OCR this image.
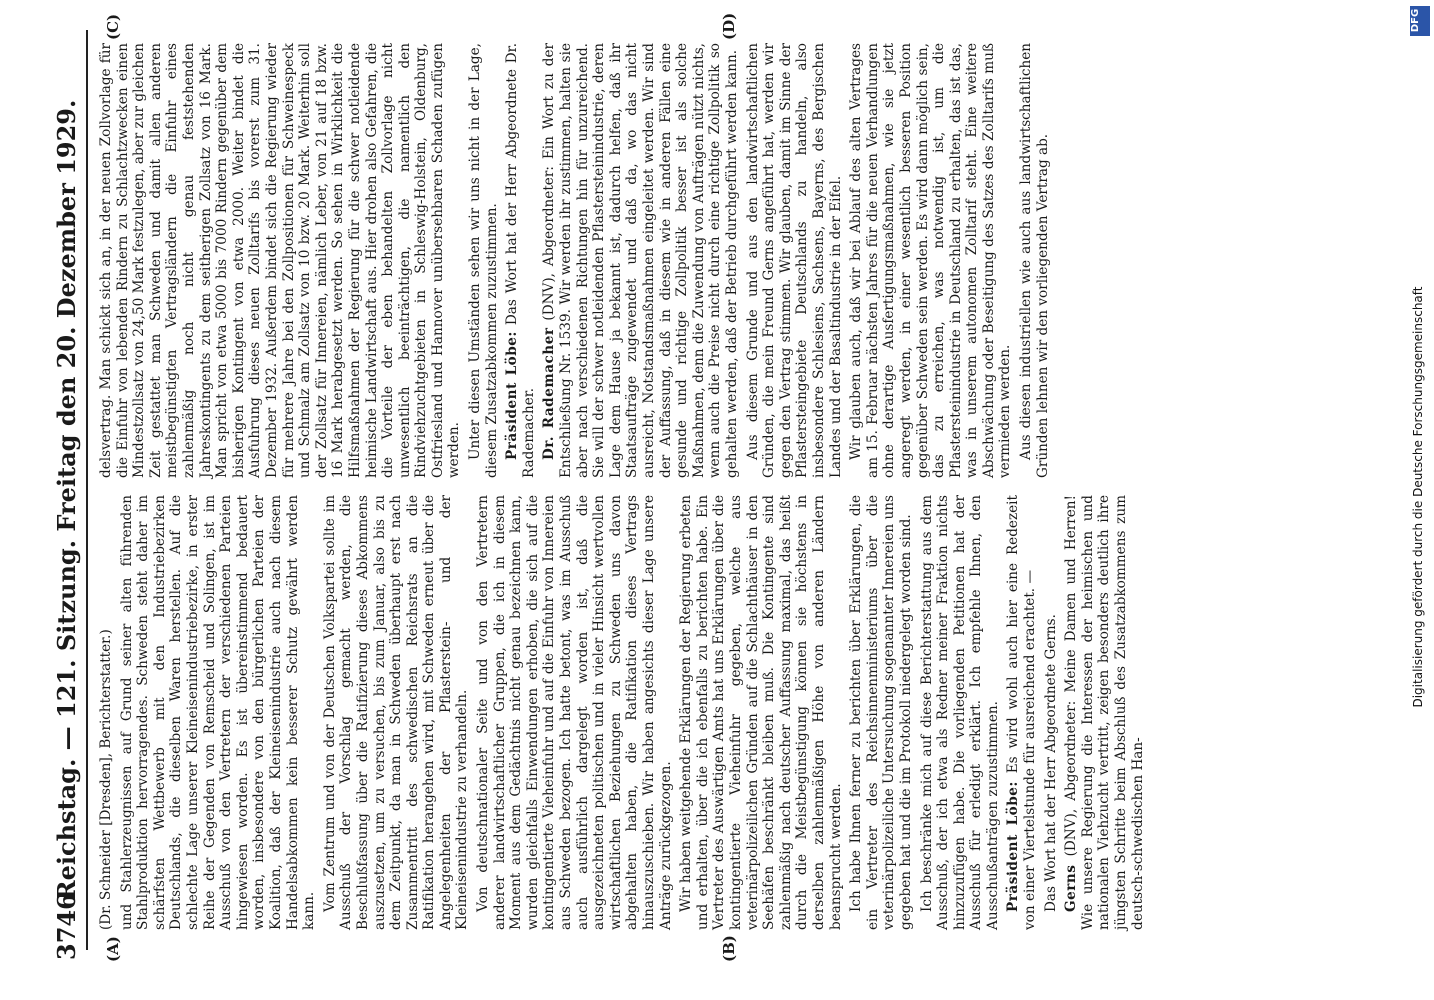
3746
Reichstag. — 121. Sitzung. Freitag den 20. Dezember 1929.
(A)	(B)
(C)	(D)

(Dr. Schneider [Dresden], Berichterstatter.) und Stahlerzeugnissen auf Grund seiner alten führenden Stahlproduktion hervorragendes. Schweden steht daher im schärfsten Wettbewerb mit den Industriebezirken Deutschlands, die dieselben Waren herstellen. Auf die schlechte Lage unserer Kleineisenindustriebezirke, in erster Reihe der Gegenden von Remscheid und Solingen, ist im Ausschuß von den Vertretern der verschiedenen Parteien hingewiesen worden. Es ist übereinstimmend bedauert worden, insbesondere von den bürgerlichen Parteien der Koalition, daß der Kleineisenindustrie auch nach diesem Handelsabkommen kein besserer Schutz gewährt werden kann. Vom Zentrum und von der Deutschen Volkspartei sollte im Ausschuß der Vorschlag gemacht werden, die Beschlußfassung über die Ratifizierung dieses Abkommens auszusetzen, um zu versuchen, bis zum Januar, also bis zu dem Zeitpunkt, da man in Schweden überhaupt erst nach Zusammentritt des schwedischen Reichsrats an die Ratifikation herangehen wird, mit Schweden erneut über die Angelegenheiten der Pflasterstein- und der Kleineisenindustrie zu verhandeln. Von deutschnationaler Seite und von den Vertretern anderer landwirtschaftlicher Gruppen, die ich in diesem Moment aus dem Gedächtnis nicht genau bezeichnen kann, wurden gleichfalls Einwendungen erhoben, die sich auf die kontingentierte Vieheinfuhr und auf die Einfuhr von Innereien aus Schweden bezogen. Ich hatte betont, was im Ausschuß auch ausführlich dargelegt worden ist, daß die ausgezeichneten politischen und in vieler Hinsicht wertvollen wirtschaftlichen Beziehungen zu Schweden uns davon abgehalten haben, die Ratifikation dieses Vertrags hinauszuschieben. Wir haben angesichts dieser Lage unsere Anträge zurückgezogen. Wir haben weitgehende Erklärungen der Regierung erbeten und erhalten, über die ich ebenfalls zu berichten habe. Ein Vertreter des Auswärtigen Amts hat uns Erklärungen über die kontingentierte Vieheinfuhr gegeben, welche aus veterinärpolizeilichen Gründen auf die Schlachthäuser in den Seehäfen beschränkt bleiben muß. Die Kontingente sind zahlenmäßig nach deutscher Auffassung maximal, das heißt durch die Meistbegünstigung können sie höchstens in derselben zahlenmäßigen Höhe von anderen Ländern beansprucht werden. Ich habe Ihnen ferner zu berichten über Erklärungen, die ein Vertreter des Reichsinnenministeriums über die veterinärpolizeiliche Untersuchung sogenannter Innereien uns gegeben hat und die im Protokoll niedergelegt worden sind. Ich beschränke mich auf diese Berichterstattung aus dem Ausschuß, der ich etwa als Redner meiner Fraktion nichts hinzuzufügen habe. Die vorliegenden Petitionen hat der Ausschuß für erledigt erklärt. Ich empfehle Ihnen, den Ausschußanträgen zuzustimmen. Präsident Löbe: Es wird wohl auch hier eine Redezeit von einer Viertelstunde für ausreichend erachtet. — Das Wort hat der Herr Abgeordnete Gerns. Gerns (DNV), Abgeordneter: Meine Damen und Herren! Wie unsere Regierung die Interessen der heimischen und nationalen Viehzucht vertritt, zeigen besonders deutlich ihre jüngsten Schritte beim Abschluß des Zusatzabkommens zum deutsch-schwedischen Han-

delsvertrag. Man schickt sich an, in der neuen Zollvorlage für die Einfuhr von lebenden Rindern zu Schlachtzwecken einen Mindestzollsatz von 24,50 Mark festzulegen, aber zur gleichen Zeit gestattet man Schweden und damit allen anderen meistbegünstigten Vertragsländern die Einfuhr eines zahlenmäßig noch nicht genau feststehenden Jahreskontingents zu dem seitherigen Zollsatz von 16 Mark. Man spricht von etwa 5000 bis 7000 Rindern gegenüber dem bisherigen Kontingent von etwa 2000. Weiter bindet die Ausfuhrung dieses neuen Zolltarifs bis vorerst zum 31. Dezember 1932. Außerdem bindet sich die Regierung wieder für mehrere Jahre bei den Zollpositionen für Schweinespeck und Schmalz am Zollsatz von 10 bzw. 20 Mark. Weiterhin soll der Zollsatz für Innereien, nämlich Leber, von 21 auf 18 bzw. 16 Mark herabgesetzt werden. So sehen in Wirklichkeit die Hilfsmaßnahmen der Regierung für die schwer notleidende heimische Landwirtschaft aus. Hier drohen also Gefahren, die die Vorteile der eben behandelten Zollvorlage nicht unwesentlich beeinträchtigen, die namentlich den Rindviehzuchtgebieten in Schleswig-Holstein, Oldenburg, Ostfriesland und Hannover unübersehbaren Schaden zufügen werden. Unter diesen Umständen sehen wir uns nicht in der Lage, diesem Zusatzabkommen zuzustimmen. Präsident Löbe: Das Wort hat der Herr Abgeordnete Dr. Rademacher. Dr. Rademacher (DNV), Abgeordneter: Ein Wort zu der Entschließung Nr. 1539. Wir werden ihr zustimmen, halten sie aber nach verschiedenen Richtungen hin für unzureichend. Sie will der schwer notleidenden Pflastersteinindustrie, deren Lage dem Hause ja bekannt ist, dadurch helfen, daß ihr Staatsaufträge zugewendet und daß da, wo das nicht ausreicht, Notstandsmaßnahmen eingeleitet werden. Wir sind der Auffassung, daß in diesem wie in anderen Fällen eine gesunde und richtige Zollpolitik besser ist als solche Maßnahmen, denn die Zuwendung von Aufträgen nützt nichts, wenn auch die Preise nicht durch eine richtige Zollpolitik so gehalten werden, daß der Betrieb durchgeführt werden kann. Aus diesem Grunde und aus den landwirtschaftlichen Gründen, die mein Freund Gerns angeführt hat, werden wir gegen den Vertrag stimmen. Wir glauben, damit im Sinne der Pflastersteingebiete Deutschlands zu handeln, also insbesondere Schlesiens, Sachsens, Bayerns, des Bergischen Landes und der Basaltindustrie in der Eifel. Wir glauben auch, daß wir bei Ablauf des alten Vertrages am 15. Februar nächsten Jahres für die neuen Verhandlungen ohne derartige Ausfertigungsmaßnahmen, wie sie jetzt angeregt werden, in einer wesentlich besseren Position gegenüber Schweden sein werden. Es wird dann möglich sein, das zu erreichen, was notwendig ist, um die Pflastersteinindustrie in Deutschland zu erhalten, das ist das, was in unserem autonomen Zolltarif steht. Eine weitere Abschwächung oder Beseitigung des Satzes des Zolltarifs muß vermieden werden. Aus diesen industriellen wie auch aus landwirtschaftlichen Gründen lehnen wir den vorliegenden Vertrag ab.	Digitalisierung gefördert durch die Deutsche Forschungsgemeinschaft
DFG
